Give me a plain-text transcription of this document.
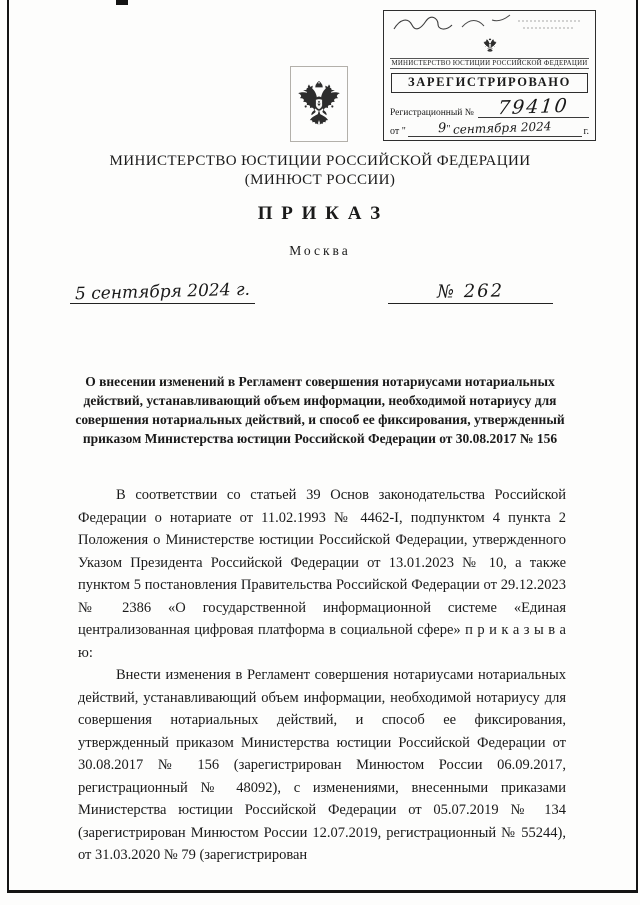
МИНИСТЕРСТВО ЮСТИЦИИ РОССИЙСКОЙ ФЕДЕРАЦИИ
ЗАРЕГИСТРИРОВАНО
Регистрационный №	79410
от "	9" сентября 2024	г.
МИНИСТЕРСТВО ЮСТИЦИИ РОССИЙСКОЙ ФЕДЕРАЦИИ
(МИНЮСТ РОССИИ)
П Р И К А З
Москва
5 сентября 2024 г.	№ 262
О внесении изменений в Регламент совершения нотариусами нотариальных действий, устанавливающий объем информации, необходимой нотариусу для совершения нотариальных действий, и способ ее фиксирования, утвержденный приказом Министерства юстиции Российской Федерации от 30.08.2017 № 156

В соответствии со статьей 39 Основ законодательства Российской Федерации о нотариате от 11.02.1993 № 4462-I, подпунктом 4 пункта 2 Положения о Министерстве юстиции Российской Федерации, утвержденного Указом Президента Российской Федерации от 13.01.2023 № 10, а также пунктом 5 постановления Правительства Российской Федерации от 29.12.2023 № 2386 «О государственной информационной системе «Единая централизованная цифровая платформа в социальной сфере» п р и к а з ы в а ю:

Внести изменения в Регламент совершения нотариусами нотариальных действий, устанавливающий объем информации, необходимой нотариусу для совершения нотариальных действий, и способ ее фиксирования, утвержденный приказом Министерства юстиции Российской Федерации от 30.08.2017 № 156 (зарегистрирован Минюстом России 06.09.2017, регистрационный № 48092), с изменениями, внесенными приказами Министерства юстиции Российской Федерации от 05.07.2019 № 134 (зарегистрирован Минюстом России 12.07.2019, регистрационный № 55244), от 31.03.2020 № 79 (зарегистрирован
